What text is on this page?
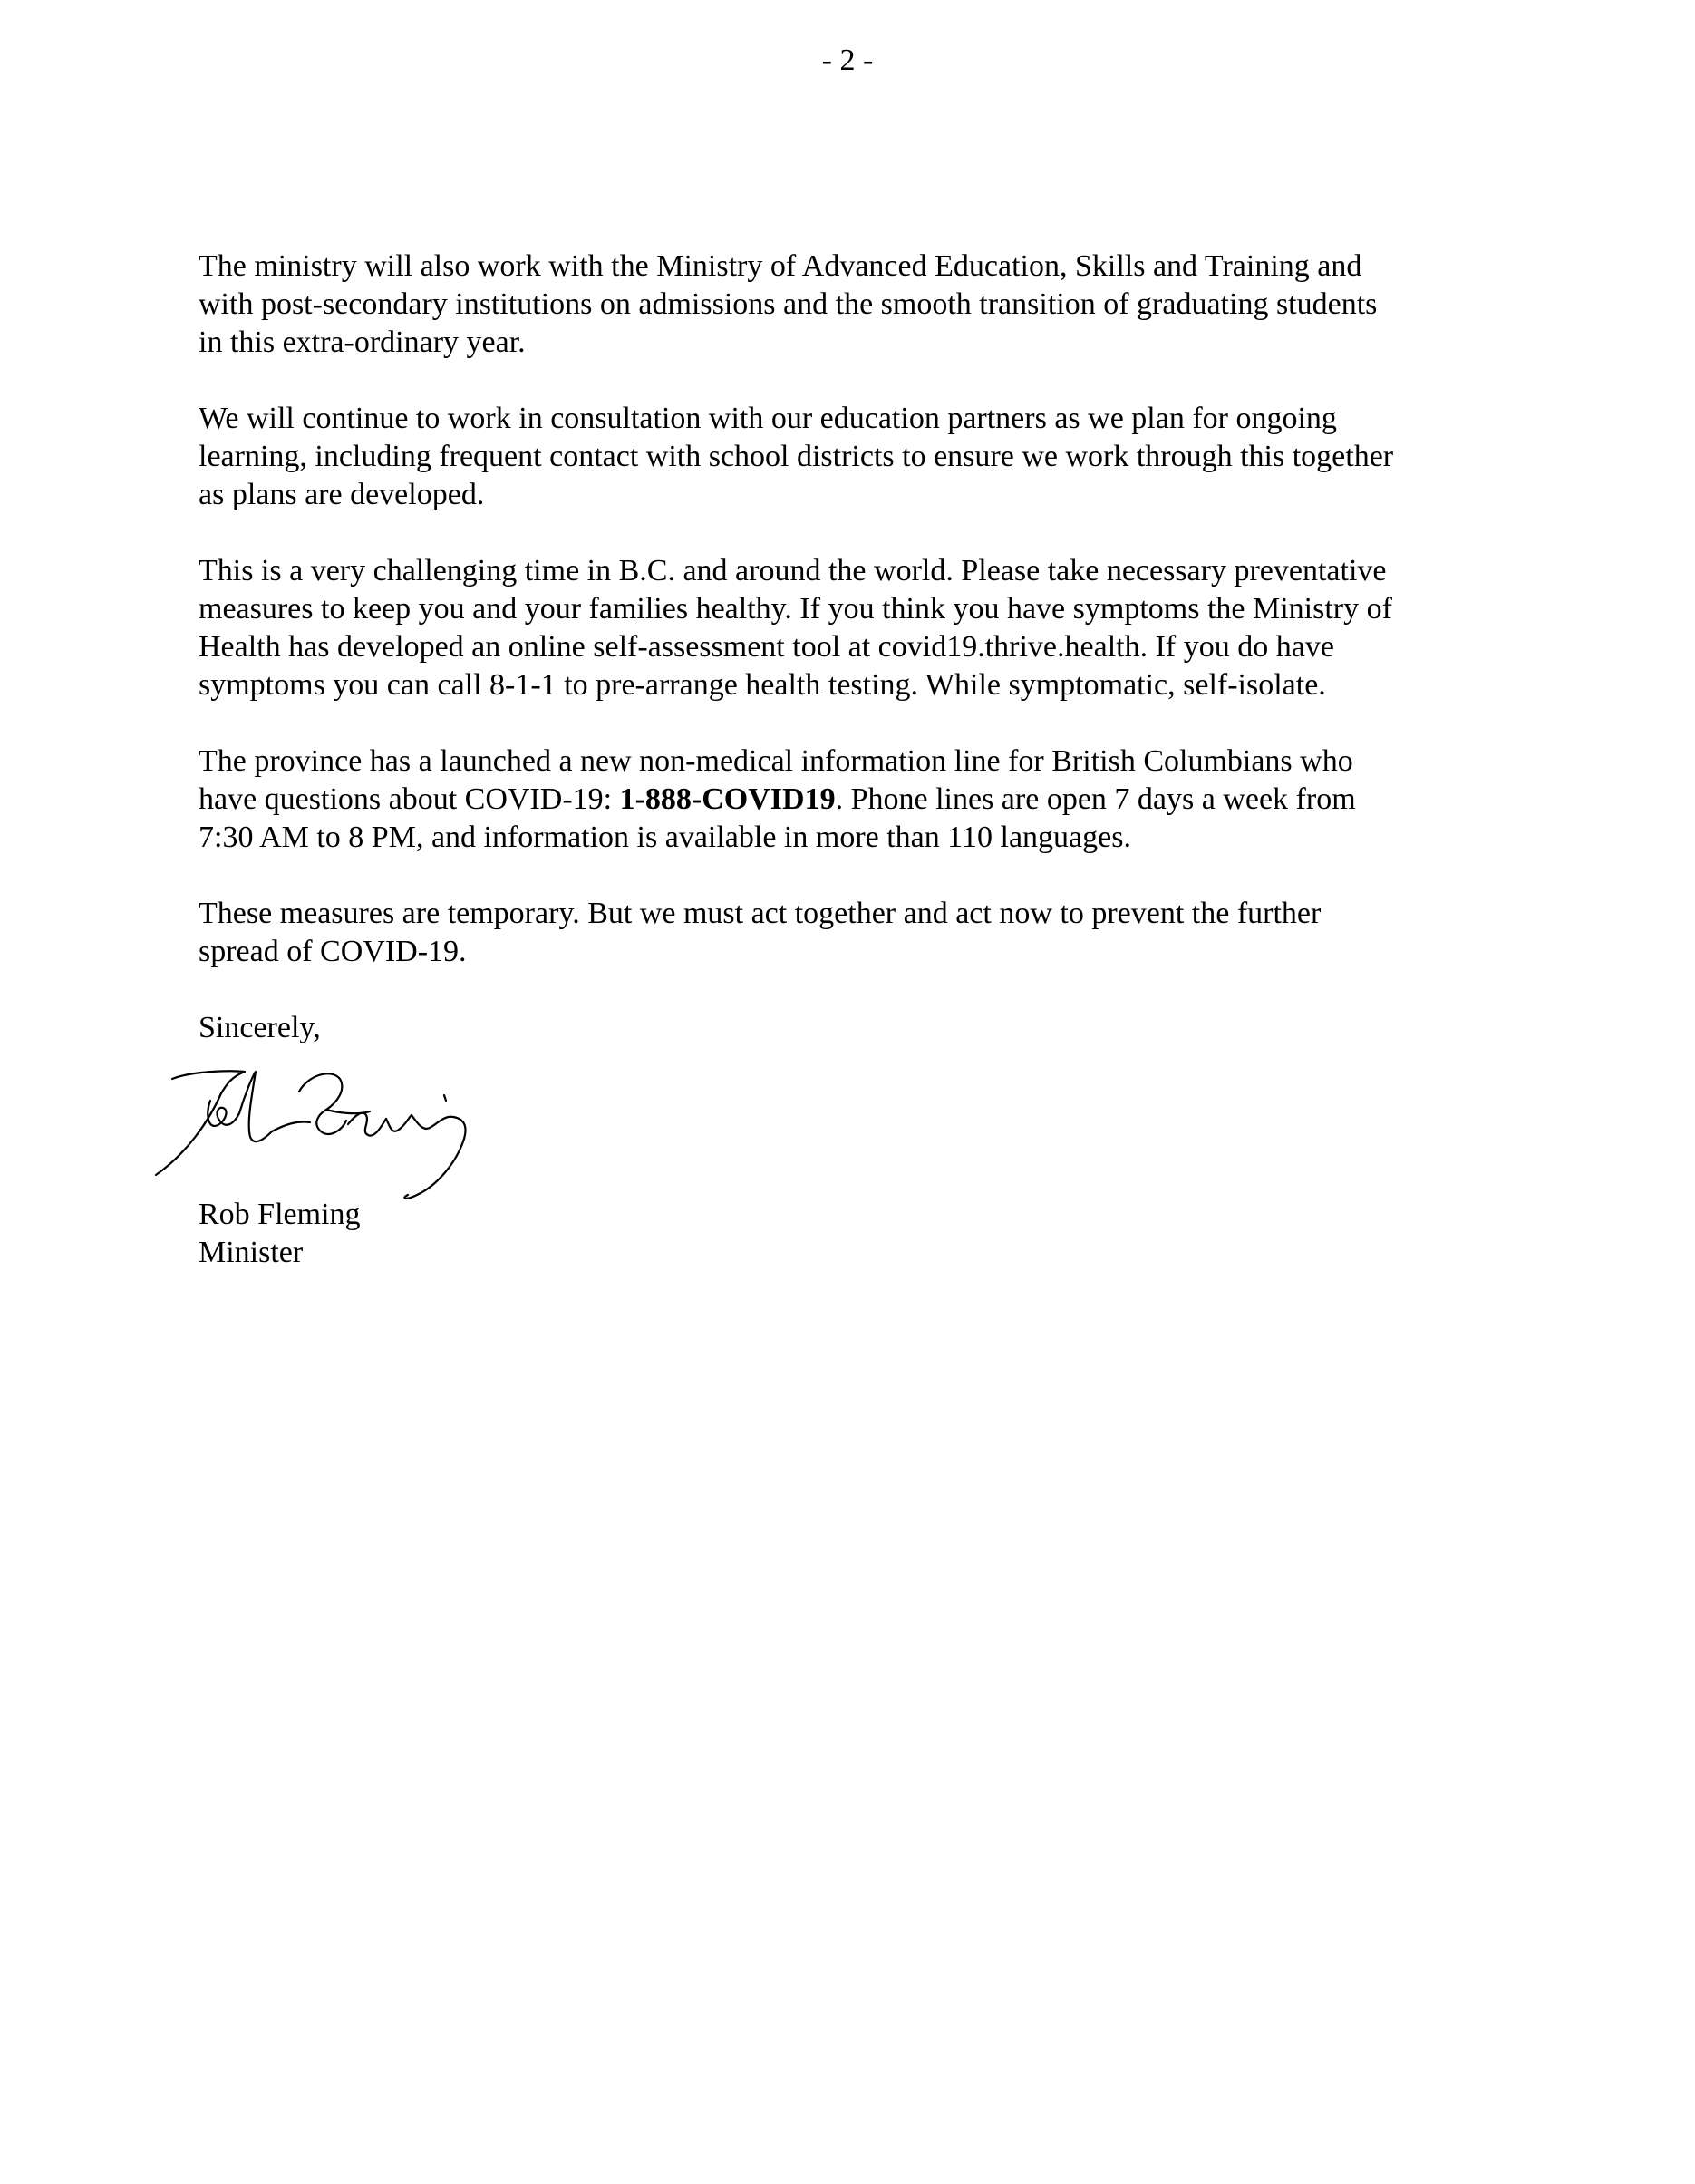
- 2 -

The ministry will also work with the Ministry of Advanced Education, Skills and Training and
with post-secondary institutions on admissions and the smooth transition of graduating students
in this extra-ordinary year.

We will continue to work in consultation with our education partners as we plan for ongoing
learning, including frequent contact with school districts to ensure we work through this together
as plans are developed.

This is a very challenging time in B.C. and around the world. Please take necessary preventative
measures to keep you and your families healthy. If you think you have symptoms the Ministry of
Health has developed an online self-assessment tool at covid19.thrive.health. If you do have
symptoms you can call 8-1-1 to pre-arrange health testing. While symptomatic, self-isolate.

The province has a launched a new non-medical information line for British Columbians who
have questions about COVID-19: 1-888-COVID19. Phone lines are open 7 days a week from
7:30 AM to 8 PM, and information is available in more than 110 languages.

These measures are temporary. But we must act together and act now to prevent the further
spread of COVID-19.

Sincerely,
Rob Fleming
Minister
